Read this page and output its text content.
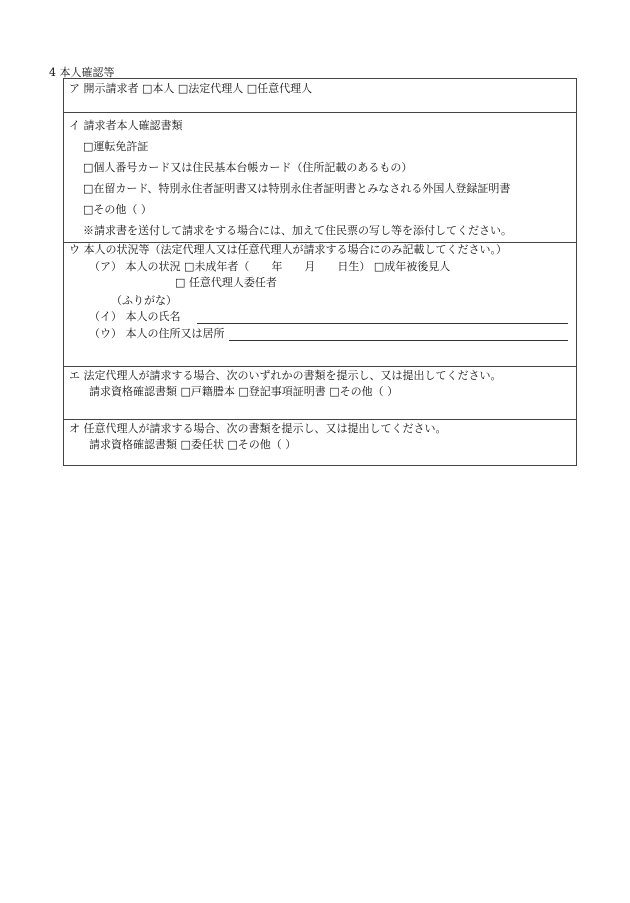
4 本人確認等
ア 開示請求者 □本人 □法定代理人 □任意代理人
イ 請求者本人確認書類
□運転免許証
□個人番号カード又は住民基本台帳カード（住所記載のあるもの）
□在留カード、特別永住者証明書又は特別永住者証明書とみなされる外国人登録証明書
□その他（ ）
※請求書を送付して請求をする場合には、加えて住民票の写し等を添付してください。
ウ 本人の状況等（法定代理人又は任意代理人が請求する場合にのみ記載してください。）
（ア） 本人の状況 □未成年者（　　年　　月　　日生） □成年被後見人
□ 任意代理人委任者
（ふりがな）
（イ） 本人の氏名
（ウ） 本人の住所又は居所
エ 法定代理人が請求する場合、次のいずれかの書類を提示し、又は提出してください。
請求資格確認書類 □戸籍謄本 □登記事項証明書 □その他（ ）
オ 任意代理人が請求する場合、次の書類を提示し、又は提出してください。
請求資格確認書類 □委任状 □その他（ ）
